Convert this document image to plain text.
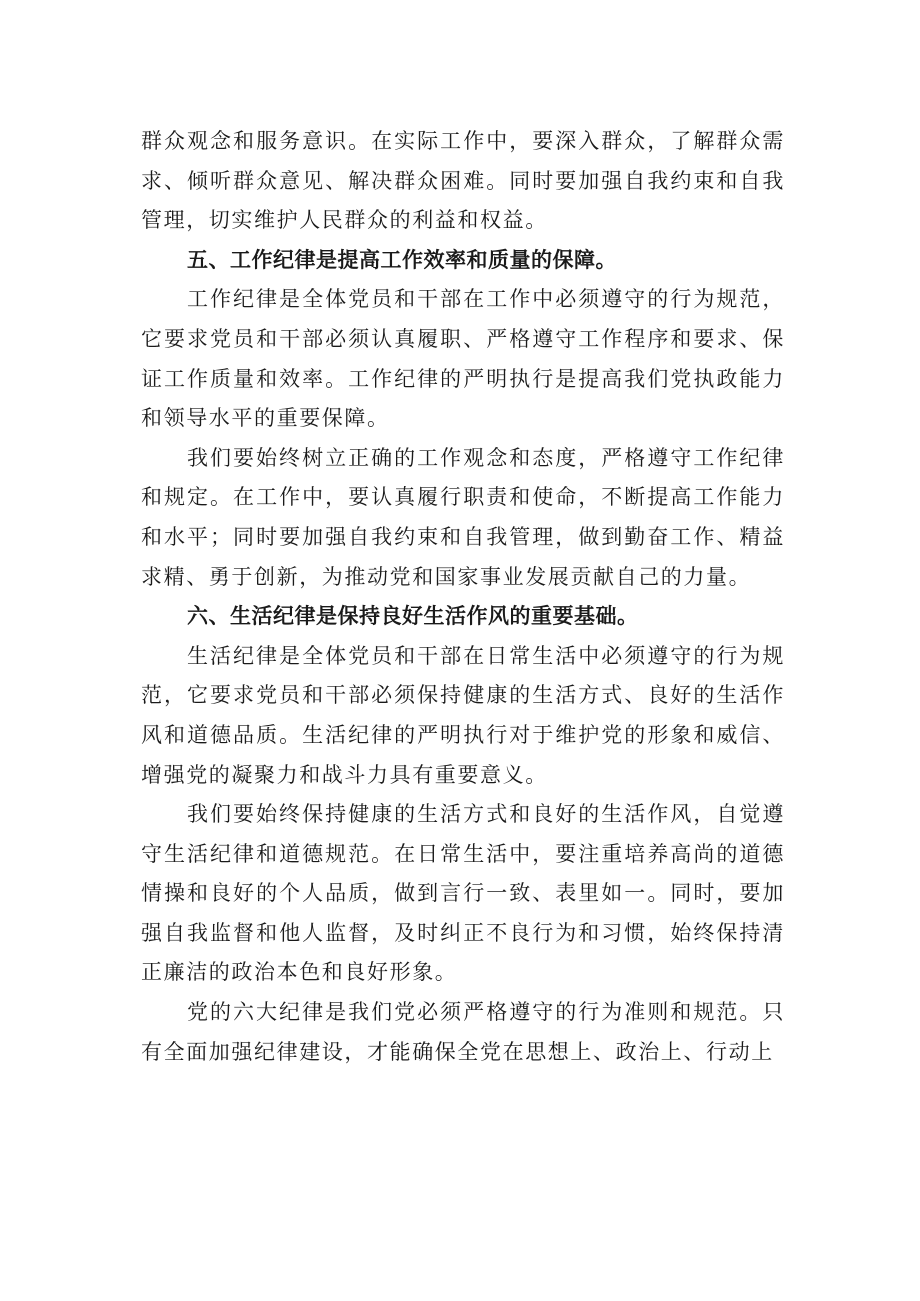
群众观念和服务意识。在实际工作中，要深入群众，了解群众需求、倾听群众意见、解决群众困难。同时要加强自我约束和自我管理，切实维护人民群众的利益和权益。

五、工作纪律是提高工作效率和质量的保障。

工作纪律是全体党员和干部在工作中必须遵守的行为规范，它要求党员和干部必须认真履职、严格遵守工作程序和要求、保证工作质量和效率。工作纪律的严明执行是提高我们党执政能力和领导水平的重要保障。

我们要始终树立正确的工作观念和态度，严格遵守工作纪律和规定。在工作中，要认真履行职责和使命，不断提高工作能力和水平；同时要加强自我约束和自我管理，做到勤奋工作、精益求精、勇于创新，为推动党和国家事业发展贡献自己的力量。

六、生活纪律是保持良好生活作风的重要基础。

生活纪律是全体党员和干部在日常生活中必须遵守的行为规范，它要求党员和干部必须保持健康的生活方式、良好的生活作风和道德品质。生活纪律的严明执行对于维护党的形象和威信、增强党的凝聚力和战斗力具有重要意义。

我们要始终保持健康的生活方式和良好的生活作风，自觉遵守生活纪律和道德规范。在日常生活中，要注重培养高尚的道德情操和良好的个人品质，做到言行一致、表里如一。同时，要加强自我监督和他人监督，及时纠正不良行为和习惯，始终保持清正廉洁的政治本色和良好形象。

党的六大纪律是我们党必须严格遵守的行为准则和规范。只有全面加强纪律建设，才能确保全党在思想上、政治上、行动上
